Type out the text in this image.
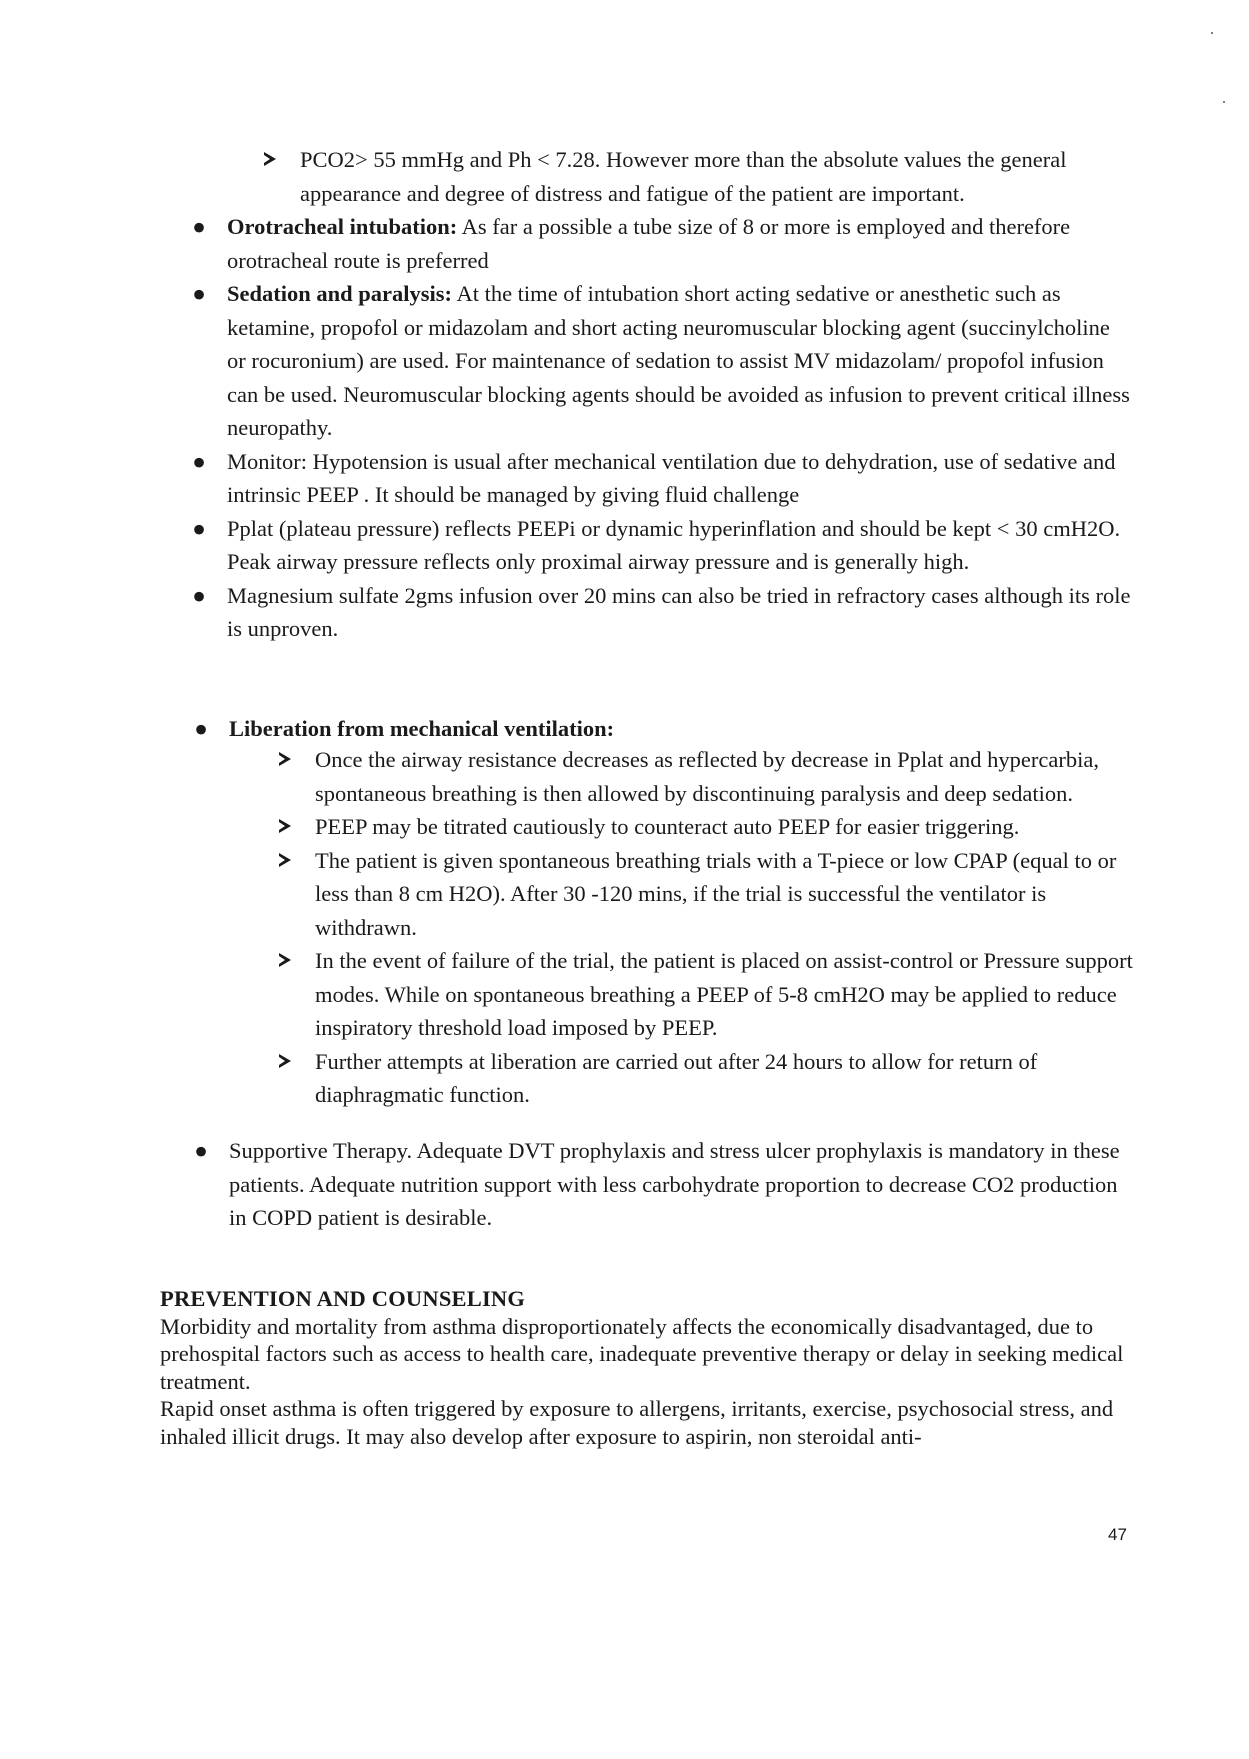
PCO2> 55 mmHg and Ph < 7.28. However more than the absolute values the general appearance and degree of distress and fatigue of the patient are important.
● Orotracheal intubation: As far a possible a tube size of 8 or more is employed and therefore orotracheal route is preferred
● Sedation and paralysis: At the time of intubation short acting sedative or anesthetic such as ketamine, propofol or midazolam and short acting neuromuscular blocking agent (succinylcholine or rocuronium) are used. For maintenance of sedation to assist MV midazolam/ propofol infusion can be used. Neuromuscular blocking agents should be avoided as infusion to prevent critical illness neuropathy.
● Monitor: Hypotension is usual after mechanical ventilation due to dehydration, use of sedative and intrinsic PEEP . It should be managed by giving fluid challenge
● Pplat (plateau pressure) reflects PEEPi or dynamic hyperinflation and should be kept < 30 cmH2O. Peak airway pressure reflects only proximal airway pressure and is generally high.
● Magnesium sulfate 2gms infusion over 20 mins can also be tried in refractory cases although its role is unproven.
● Liberation from mechanical ventilation:
Once the airway resistance decreases as reflected by decrease in Pplat and hypercarbia, spontaneous breathing is then allowed by discontinuing paralysis and deep sedation.
PEEP may be titrated cautiously to counteract auto PEEP for easier triggering.
The patient is given spontaneous breathing trials with a T-piece or low CPAP (equal to or less than 8 cm H2O). After 30 -120 mins, if the trial is successful the ventilator is withdrawn.
In the event of failure of the trial, the patient is placed on assist-control or Pressure support modes. While on spontaneous breathing a PEEP of 5-8 cmH2O may be applied to reduce inspiratory threshold load imposed by PEEP.
Further attempts at liberation are carried out after 24 hours to allow for return of diaphragmatic function.
● Supportive Therapy. Adequate DVT prophylaxis and stress ulcer prophylaxis is mandatory in these patients. Adequate nutrition support with less carbohydrate proportion to decrease CO2 production in COPD patient is desirable.
PREVENTION AND COUNSELING
Morbidity and mortality from asthma disproportionately affects the economically disadvantaged, due to prehospital factors such as access to health care, inadequate preventive therapy or delay in seeking medical treatment.
Rapid onset asthma is often triggered by exposure to allergens, irritants, exercise, psychosocial stress, and inhaled illicit drugs. It may also develop after exposure to aspirin, non steroidal anti-
47
